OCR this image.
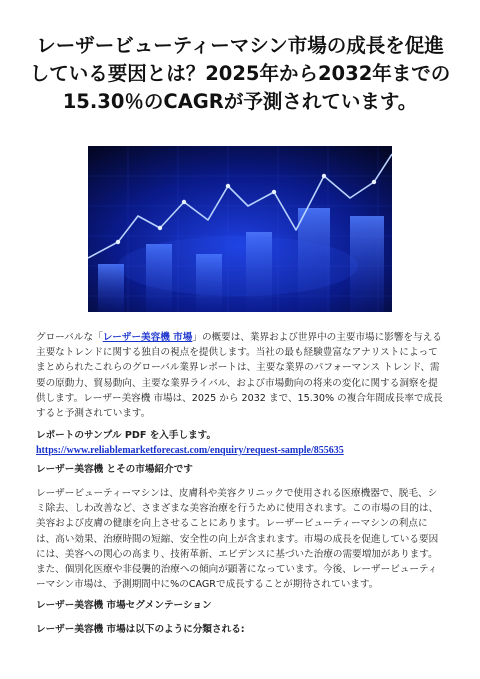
レーザービューティーマシン市場の成長を促進
している要因とは？2025年から2032年までの
15.30％のCAGRが予測されています。
グローバルな「レーザー美容機 市場」の概要は、業界および世界中の主要市場に影響を与える主要なトレンドに関する独自の視点を提供します。当社の最も経験豊富なアナリストによってまとめられたこれらのグローバル業界レポートは、主要な業界のパフォーマンス トレンド、需要の原動力、貿易動向、主要な業界ライバル、および市場動向の将来の変化に関する洞察を提供します。レーザー美容機 市場は、2025 から 2032 まで、15.30% の複合年間成長率で成長すると予測されています。
レポートのサンプル PDF を入手します。
https://www.reliablemarketforecast.com/enquiry/request-sample/855635
レーザー美容機 とその市場紹介です
レーザービューティーマシンは、皮膚科や美容クリニックで使用される医療機器で、脱毛、シミ除去、しわ改善など、さまざまな美容治療を行うために使用されます。この市場の目的は、美容および皮膚の健康を向上させることにあります。レーザービューティーマシンの利点には、高い効果、治療時間の短縮、安全性の向上が含まれます。市場の成長を促進している要因には、美容への関心の高まり、技術革新、エビデンスに基づいた治療の需要増加があります。また、個別化医療や非侵襲的治療への傾向が顕著になっています。今後、レーザービューティーマシン市場は、予測期間中に%のCAGRで成長することが期待されています。
レーザー美容機 市場セグメンテーション
レーザー美容機 市場は以下のように分類される:
